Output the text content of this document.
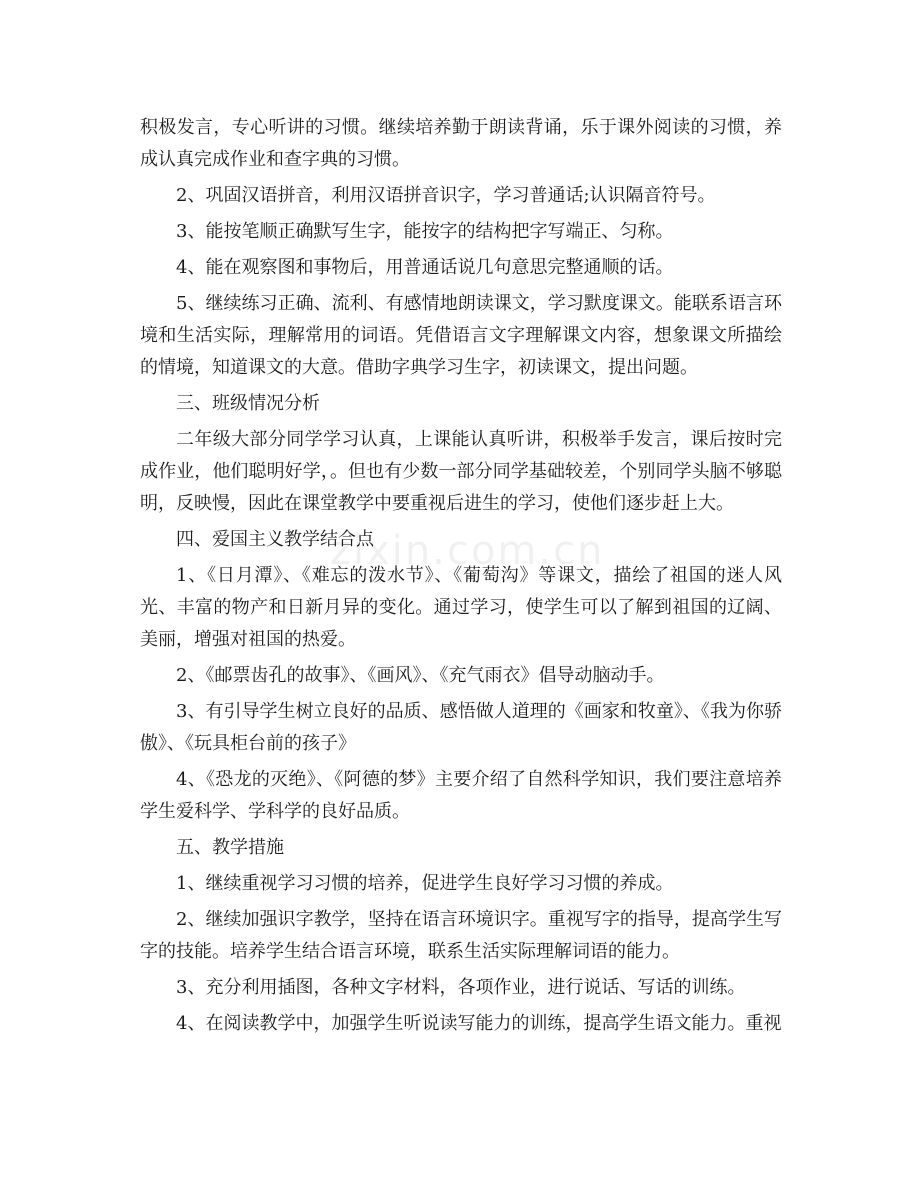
积极发言，专心听讲的习惯。继续培养勤于朗读背诵，乐于课外阅读的习惯，养成认真完成作业和查字典的习惯。

2、巩固汉语拼音，利用汉语拼音识字，学习普通话;认识隔音符号。

3、能按笔顺正确默写生字，能按字的结构把字写端正、匀称。

4、能在观察图和事物后，用普通话说几句意思完整通顺的话。

5、继续练习正确、流利、有感情地朗读课文，学习默度课文。能联系语言环境和生活实际，理解常用的词语。凭借语言文字理解课文内容，想象课文所描绘的情境，知道课文的大意。借助字典学习生字，初读课文，提出问题。

三、班级情况分析

二年级大部分同学学习认真，上课能认真听讲，积极举手发言，课后按时完成作业，他们聪明好学，。但也有少数一部分同学基础较差，个别同学头脑不够聪明，反映慢，因此在课堂教学中要重视后进生的学习，使他们逐步赶上大。

四、爱国主义教学结合点

1、《日月潭》、《难忘的泼水节》、《葡萄沟》等课文，描绘了祖国的迷人风光、丰富的物产和日新月异的变化。通过学习，使学生可以了解到祖国的辽阔、美丽，增强对祖国的热爱。

2、《邮票齿孔的故事》、《画风》、《充气雨衣》倡导动脑动手。

3、有引导学生树立良好的品质、感悟做人道理的《画家和牧童》、《我为你骄傲》、《玩具柜台前的孩子》

4、《恐龙的灭绝》、《阿德的梦》主要介绍了自然科学知识，我们要注意培养学生爱科学、学科学的良好品质。

五、教学措施

1、继续重视学习习惯的培养，促进学生良好学习习惯的养成。

2、继续加强识字教学，坚持在语言环境识字。重视写字的指导，提高学生写字的技能。培养学生结合语言环境，联系生活实际理解词语的能力。

3、充分利用插图，各种文字材料，各项作业，进行说话、写话的训练。

4、在阅读教学中，加强学生听说读写能力的训练，提高学生语文能力。重视

zixin.com.cn
